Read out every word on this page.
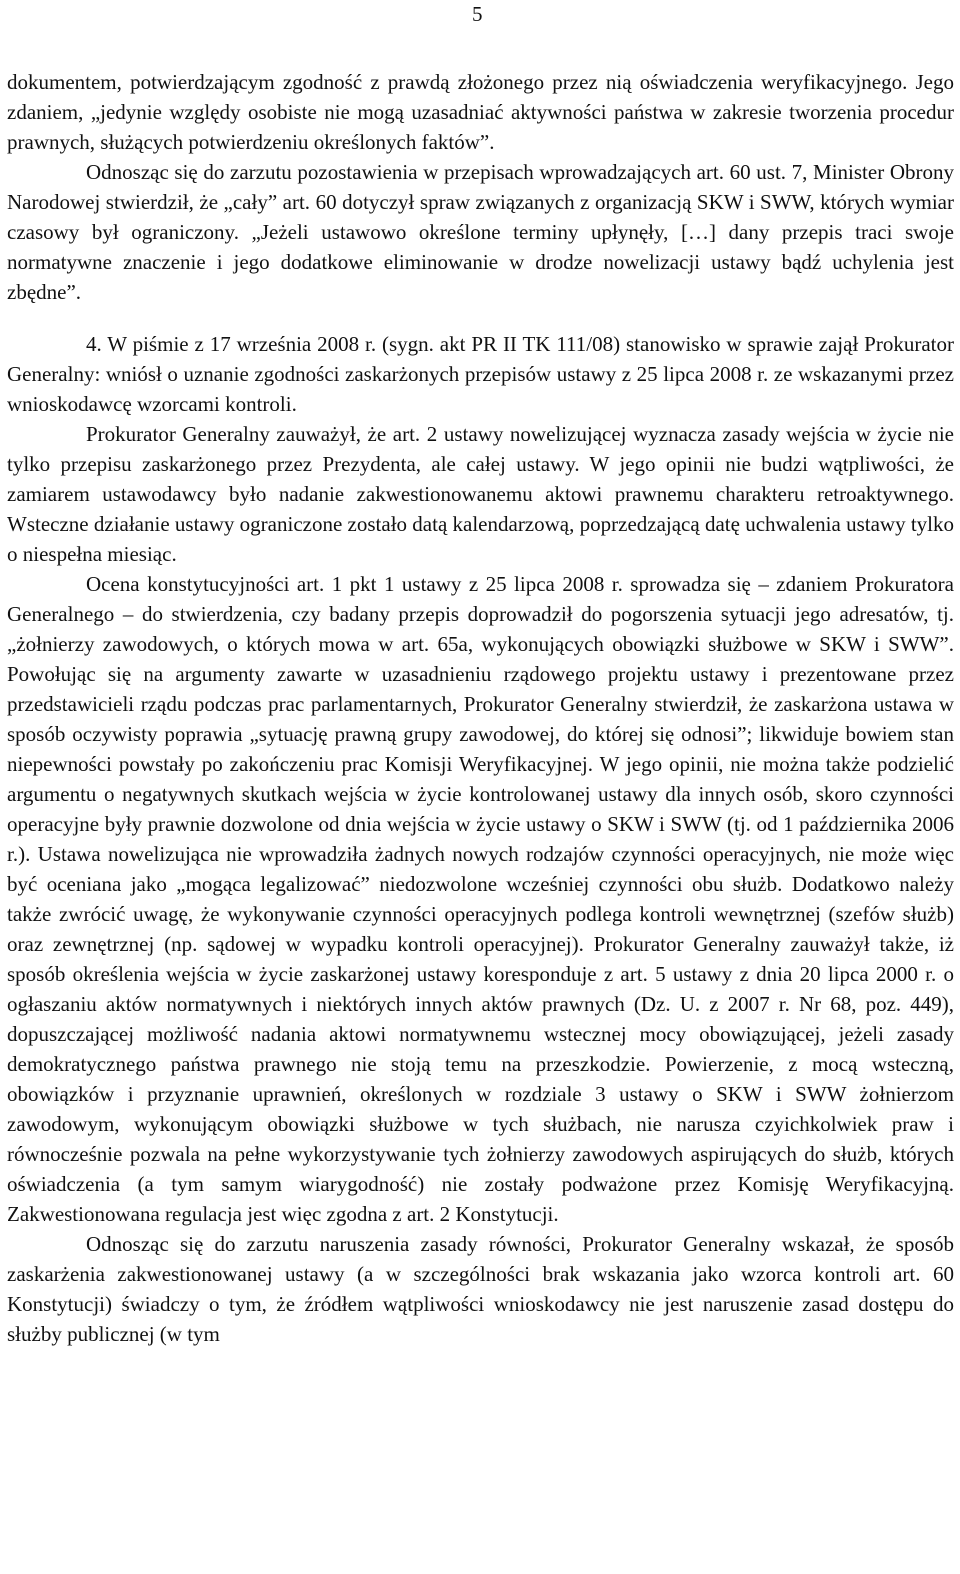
5

dokumentem, potwierdzającym zgodność z prawdą złożonego przez nią oświadczenia weryfikacyjnego. Jego zdaniem, „jedynie względy osobiste nie mogą uzasadniać aktywności państwa w zakresie tworzenia procedur prawnych, służących potwierdzeniu określonych faktów”.

Odnosząc się do zarzutu pozostawienia w przepisach wprowadzających art. 60 ust. 7, Minister Obrony Narodowej stwierdził, że „cały” art. 60 dotyczył spraw związanych z organizacją SKW i SWW, których wymiar czasowy był ograniczony. „Jeżeli ustawowo określone terminy upłynęły, […] dany przepis traci swoje normatywne znaczenie i jego dodatkowe eliminowanie w drodze nowelizacji ustawy bądź uchylenia jest zbędne”.

4. W piśmie z 17 września 2008 r. (sygn. akt PR II TK 111/08) stanowisko w sprawie zajął Prokurator Generalny: wniósł o uznanie zgodności zaskarżonych przepisów ustawy z 25 lipca 2008 r. ze wskazanymi przez wnioskodawcę wzorcami kontroli.

Prokurator Generalny zauważył, że art. 2 ustawy nowelizującej wyznacza zasady wejścia w życie nie tylko przepisu zaskarżonego przez Prezydenta, ale całej ustawy. W jego opinii nie budzi wątpliwości, że zamiarem ustawodawcy było nadanie zakwestionowanemu aktowi prawnemu charakteru retroaktywnego. Wsteczne działanie ustawy ograniczone zostało datą kalendarzową, poprzedzającą datę uchwalenia ustawy tylko o niespełna miesiąc.

Ocena konstytucyjności art. 1 pkt 1 ustawy z 25 lipca 2008 r. sprowadza się – zdaniem Prokuratora Generalnego – do stwierdzenia, czy badany przepis doprowadził do pogorszenia sytuacji jego adresatów, tj. „żołnierzy zawodowych, o których mowa w art. 65a, wykonujących obowiązki służbowe w SKW i SWW”. Powołując się na argumenty zawarte w uzasadnieniu rządowego projektu ustawy i prezentowane przez przedstawicieli rządu podczas prac parlamentarnych, Prokurator Generalny stwierdził, że zaskarżona ustawa w sposób oczywisty poprawia „sytuację prawną grupy zawodowej, do której się odnosi”; likwiduje bowiem stan niepewności powstały po zakończeniu prac Komisji Weryfikacyjnej. W jego opinii, nie można także podzielić argumentu o negatywnych skutkach wejścia w życie kontrolowanej ustawy dla innych osób, skoro czynności operacyjne były prawnie dozwolone od dnia wejścia w życie ustawy o SKW i SWW (tj. od 1 października 2006 r.). Ustawa nowelizująca nie wprowadziła żadnych nowych rodzajów czynności operacyjnych, nie może więc być oceniana jako „mogąca legalizować” niedozwolone wcześniej czynności obu służb. Dodatkowo należy także zwrócić uwagę, że wykonywanie czynności operacyjnych podlega kontroli wewnętrznej (szefów służb) oraz zewnętrznej (np. sądowej w wypadku kontroli operacyjnej). Prokurator Generalny zauważył także, iż sposób określenia wejścia w życie zaskarżonej ustawy koresponduje z art. 5 ustawy z dnia 20 lipca 2000 r. o ogłaszaniu aktów normatywnych i niektórych innych aktów prawnych (Dz. U. z 2007 r. Nr 68, poz. 449), dopuszczającej możliwość nadania aktowi normatywnemu wstecznej mocy obowiązującej, jeżeli zasady demokratycznego państwa prawnego nie stoją temu na przeszkodzie. Powierzenie, z mocą wsteczną, obowiązków i przyznanie uprawnień, określonych w rozdziale 3 ustawy o SKW i SWW żołnierzom zawodowym, wykonującym obowiązki służbowe w tych służbach, nie narusza czyichkolwiek praw i równocześnie pozwala na pełne wykorzystywanie tych żołnierzy zawodowych aspirujących do służb, których oświadczenia (a tym samym wiarygodność) nie zostały podważone przez Komisję Weryfikacyjną. Zakwestionowana regulacja jest więc zgodna z art. 2 Konstytucji.

Odnosząc się do zarzutu naruszenia zasady równości, Prokurator Generalny wskazał, że sposób zaskarżenia zakwestionowanej ustawy (a w szczególności brak wskazania jako wzorca kontroli art. 60 Konstytucji) świadczy o tym, że źródłem wątpliwości wnioskodawcy nie jest naruszenie zasad dostępu do służby publicznej (w tym
